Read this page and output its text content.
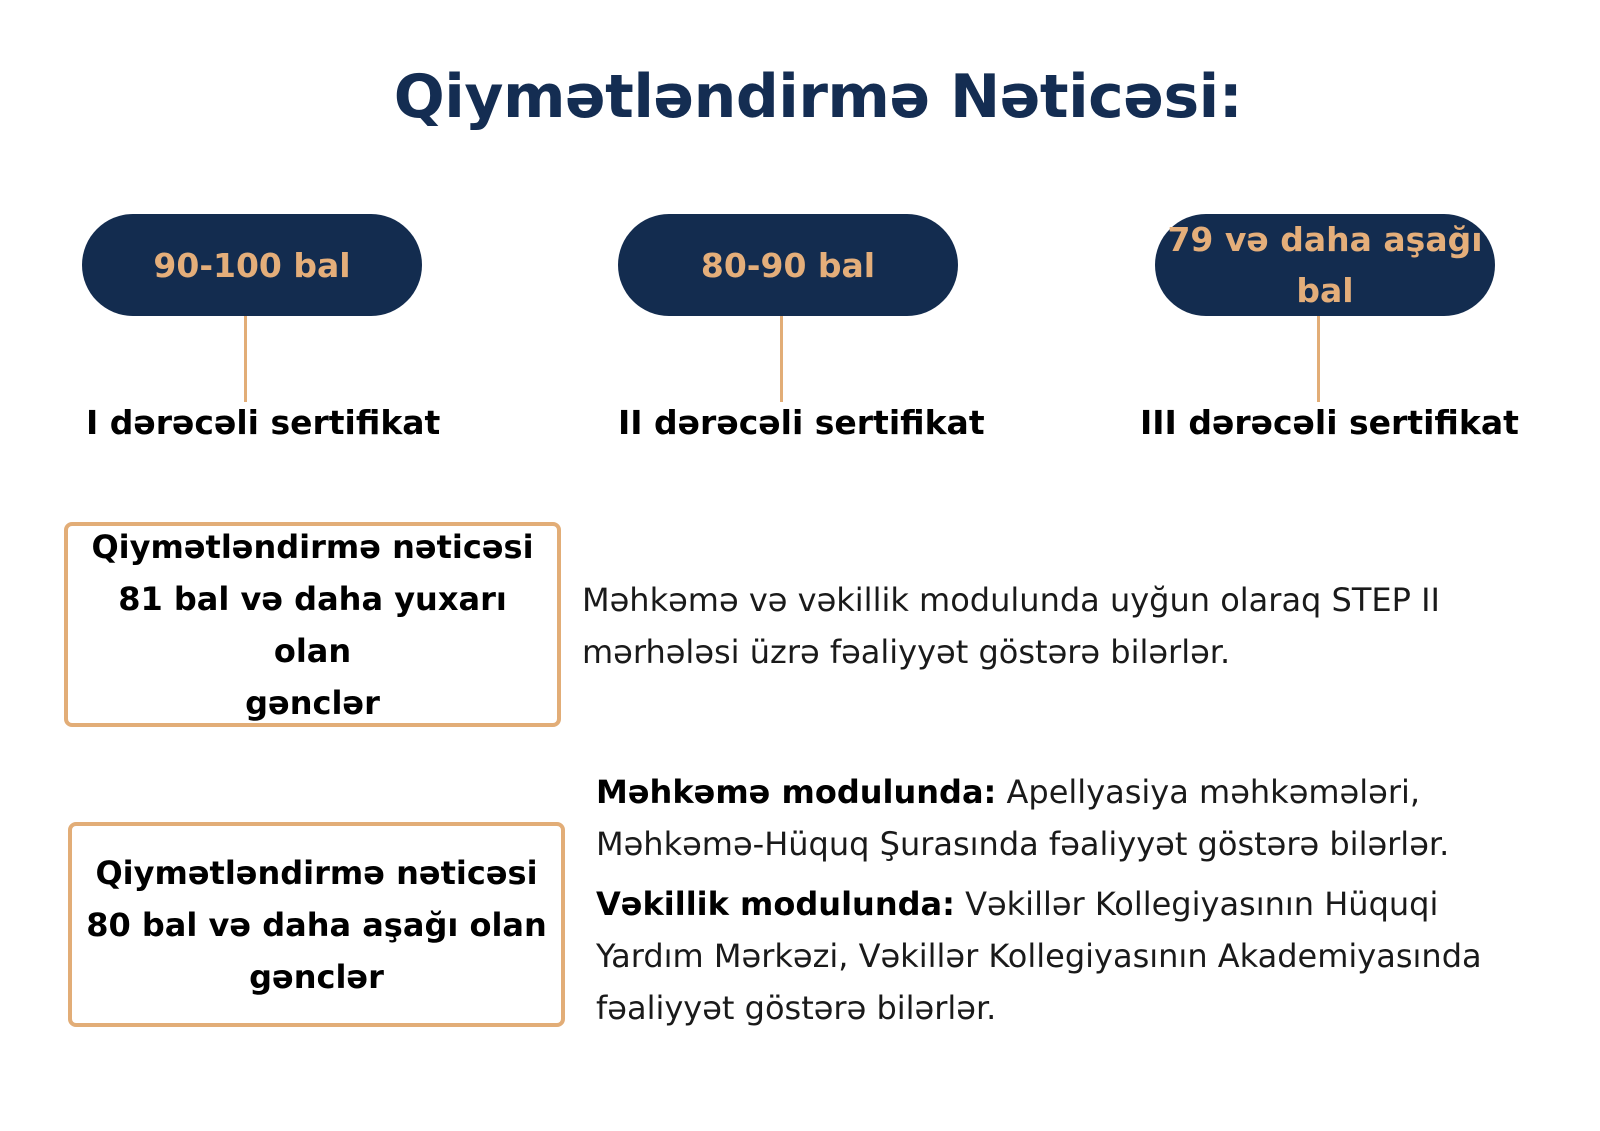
Qiymətləndirmə Nəticəsi:
90-100 bal
I dərəcəli sertifikat
80-90 bal
II dərəcəli sertifikat
79 və daha aşağı
bal
III dərəcəli sertifikat
Qiymətləndirmə nəticəsi
81 bal və daha yuxarı olan
gənclər
Məhkəmə və vəkillik modulunda uyğun olaraq STEP II mərhələsi üzrə fəaliyyət göstərə bilərlər.
Qiymətləndirmə nəticəsi
80 bal və daha aşağı olan
gənclər

Məhkəmə modulunda: Apellyasiya məhkəmələri, Məhkəmə-Hüquq Şurasında fəaliyyət göstərə bilərlər.

Vəkillik modulunda: Vəkillər Kollegiyasının Hüquqi Yardım Mərkəzi, Vəkillər Kollegiyasının Akademiyasında fəaliyyət göstərə bilərlər.
